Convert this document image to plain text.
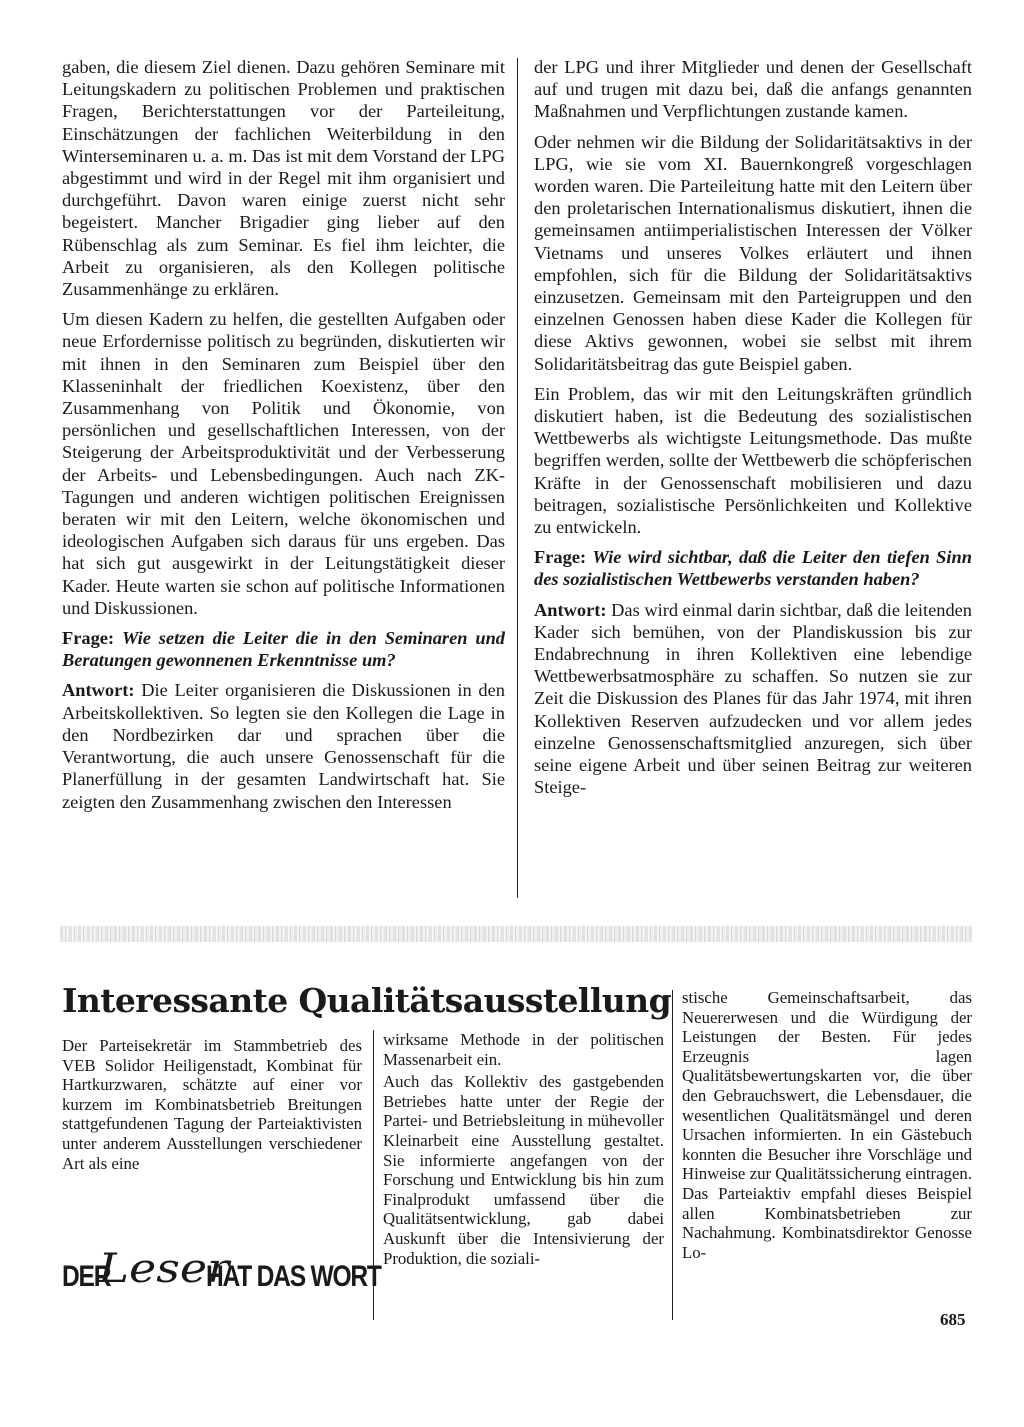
gaben, die diesem Ziel dienen. Dazu gehören Seminare mit Leitungskadern zu politischen Problemen und praktischen Fragen, Berichterstattungen vor der Parteileitung, Einschätzungen der fachlichen Weiterbildung in den Winterseminaren u. a. m. Das ist mit dem Vorstand der LPG abgestimmt und wird in der Regel mit ihm organisiert und durchgeführt. Davon waren einige zuerst nicht sehr begeistert. Mancher Brigadier ging lieber auf den Rübenschlag als zum Seminar. Es fiel ihm leichter, die Arbeit zu organisieren, als den Kollegen politische Zusammenhänge zu erklären.

Um diesen Kadern zu helfen, die gestellten Aufgaben oder neue Erfordernisse politisch zu begründen, diskutierten wir mit ihnen in den Seminaren zum Beispiel über den Klasseninhalt der friedlichen Koexistenz, über den Zusammenhang von Politik und Ökonomie, von persönlichen und gesellschaftlichen Interessen, von der Steigerung der Arbeitsproduktivität und der Verbesserung der Arbeits- und Lebensbedingungen. Auch nach ZK-Tagungen und anderen wichtigen politischen Ereignissen beraten wir mit den Leitern, welche ökonomischen und ideologischen Aufgaben sich daraus für uns ergeben. Das hat sich gut ausgewirkt in der Leitungstätigkeit dieser Kader. Heute warten sie schon auf politische Informationen und Diskussionen.

Frage: Wie setzen die Leiter die in den Seminaren und Beratungen gewonnenen Erkenntnisse um?

Antwort: Die Leiter organisieren die Diskussionen in den Arbeitskollektiven. So legten sie den Kollegen die Lage in den Nordbezirken dar und sprachen über die Verantwortung, die auch unsere Genossenschaft für die Planerfüllung in der gesamten Landwirtschaft hat. Sie zeigten den Zusammenhang zwischen den Interessen

der LPG und ihrer Mitglieder und denen der Gesellschaft auf und trugen mit dazu bei, daß die anfangs genannten Maßnahmen und Verpflichtungen zustande kamen.

Oder nehmen wir die Bildung der Solidaritätsaktivs in der LPG, wie sie vom XI. Bauernkongreß vorgeschlagen worden waren. Die Parteileitung hatte mit den Leitern über den proletarischen Internationalismus diskutiert, ihnen die gemeinsamen antiimperialistischen Interessen der Völker Vietnams und unseres Volkes erläutert und ihnen empfohlen, sich für die Bildung der Solidaritätsaktivs einzusetzen. Gemeinsam mit den Parteigruppen und den einzelnen Genossen haben diese Kader die Kollegen für diese Aktivs gewonnen, wobei sie selbst mit ihrem Solidaritätsbeitrag das gute Beispiel gaben.

Ein Problem, das wir mit den Leitungskräften gründlich diskutiert haben, ist die Bedeutung des sozialistischen Wettbewerbs als wichtigste Leitungsmethode. Das mußte begriffen werden, sollte der Wettbewerb die schöpferischen Kräfte in der Genossenschaft mobilisieren und dazu beitragen, sozialistische Persönlichkeiten und Kollektive zu entwickeln.

Frage: Wie wird sichtbar, daß die Leiter den tiefen Sinn des sozialistischen Wettbewerbs verstanden haben?

Antwort: Das wird einmal darin sichtbar, daß die leitenden Kader sich bemühen, von der Plandiskussion bis zur Endabrechnung in ihren Kollektiven eine lebendige Wettbewerbsatmosphäre zu schaffen. So nutzen sie zur Zeit die Diskussion des Planes für das Jahr 1974, mit ihren Kollektiven Reserven aufzudecken und vor allem jedes einzelne Genossenschaftsmitglied anzuregen, sich über seine eigene Arbeit und über seinen Beitrag zur weiteren Steige-

Interessante Qualitätsausstellung

Der Parteisekretär im Stammbetrieb des VEB Solidor Heiligenstadt, Kombinat für Hartkurzwaren, schätzte auf einer vor kurzem im Kombinatsbetrieb Breitungen stattgefundenen Tagung der Parteiaktivisten unter anderem Ausstellungen verschiedener Art als eine

wirksame Methode in der politischen Massenarbeit ein.

Auch das Kollektiv des gastgebenden Betriebes hatte unter der Regie der Partei- und Betriebsleitung in mühevoller Kleinarbeit eine Ausstellung gestaltet. Sie informierte angefangen von der Forschung und Entwicklung bis hin zum Finalprodukt umfassend über die Qualitätsentwicklung, gab dabei Auskunft über die Intensivierung der Produktion, die soziali-

stische Gemeinschaftsarbeit, das Neuererwesen und die Würdigung der Leistungen der Besten. Für jedes Erzeugnis lagen Qualitätsbewertungskarten vor, die über den Gebrauchswert, die Lebensdauer, die wesentlichen Qualitätsmängel und deren Ursachen informierten. In ein Gästebuch konnten die Besucher ihre Vorschläge und Hinweise zur Qualitätssicherung eintragen. Das Parteiaktiv empfahl dieses Beispiel allen Kombinatsbetrieben zur Nachahmung. Kombinatsdirektor Genosse Lo-

DER
Leser
HAT DAS WORT
685
